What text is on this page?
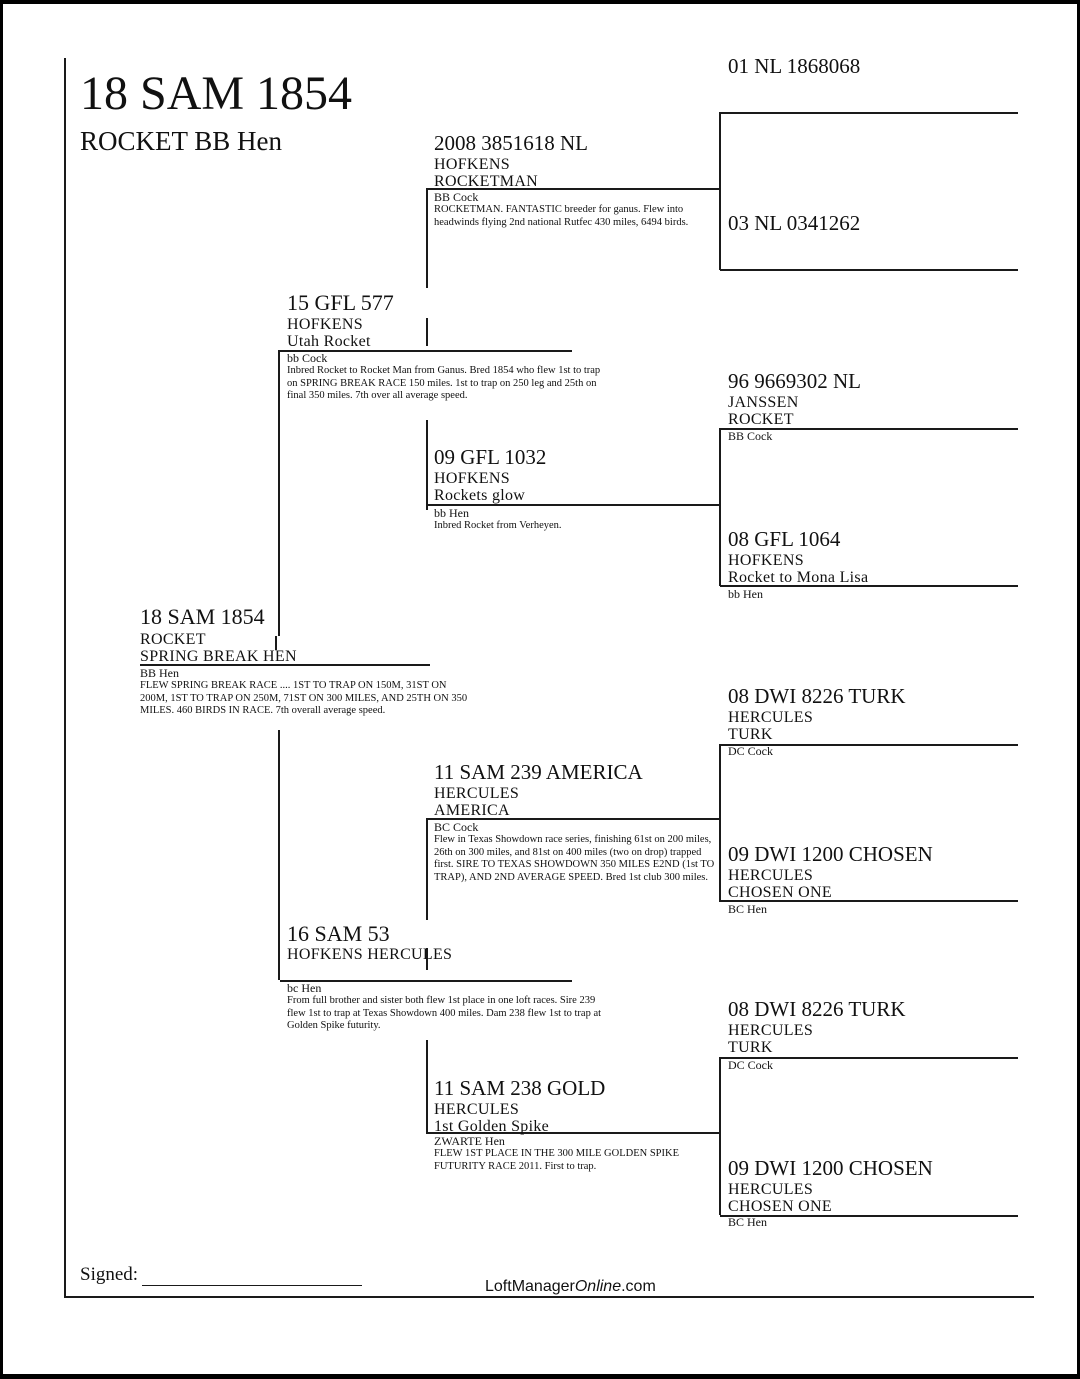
18 SAM 1854
ROCKET BB Hen
18 SAM 1854
ROCKET
SPRING BREAK HEN
BB Hen
FLEW SPRING BREAK RACE .... 1ST TO TRAP ON 150M, 31ST ON 200M, 1ST TO TRAP ON 250M, 71ST ON 300 MILES, AND 25TH ON 350 MILES. 460 BIRDS IN RACE. 7th overall average speed.
15 GFL 577
HOFKENS
Utah Rocket
bb Cock
Inbred Rocket to Rocket Man from Ganus. Bred 1854 who flew 1st to trap on SPRING BREAK RACE 150 miles. 1st to trap on 250 leg and 25th on final 350 miles. 7th over all average speed.
16 SAM 53
HOFKENS HERCULES
bc Hen
From full brother and sister both flew 1st place in one loft races. Sire 239 flew 1st to trap at Texas Showdown 400 miles. Dam 238 flew 1st to trap at Golden Spike futurity.
2008 3851618 NL
HOFKENS
ROCKETMAN
BB Cock
ROCKETMAN. FANTASTIC breeder for ganus. Flew into headwinds flying 2nd national Rutfec 430 miles, 6494 birds.
09 GFL 1032
HOFKENS
Rockets glow
bb Hen
Inbred Rocket from Verheyen.
11 SAM 239 AMERICA
HERCULES
AMERICA
BC Cock
Flew in Texas Showdown race series, finishing 61st on 200 miles, 26th on 300 miles, and 81st on 400 miles (two on drop) trapped first. SIRE TO TEXAS SHOWDOWN 350 MILES E2ND (1st TO TRAP), AND 2ND AVERAGE SPEED. Bred 1st club 300 miles.
11 SAM 238 GOLD
HERCULES
1st Golden Spike
ZWARTE Hen
FLEW 1ST PLACE IN THE 300 MILE GOLDEN SPIKE FUTURITY RACE 2011. First to trap.
01 NL 1868068
03 NL 0341262
96 9669302 NL
JANSSEN
ROCKET
BB Cock
08 GFL 1064
HOFKENS
Rocket to Mona Lisa
bb Hen
08 DWI 8226 TURK
HERCULES
TURK
DC Cock
09 DWI 1200 CHOSEN
HERCULES
CHOSEN ONE
BC Hen
08 DWI 8226 TURK
HERCULES
TURK
DC Cock
09 DWI 1200 CHOSEN
HERCULES
CHOSEN ONE
BC Hen
Signed:
LoftManagerOnline.com
